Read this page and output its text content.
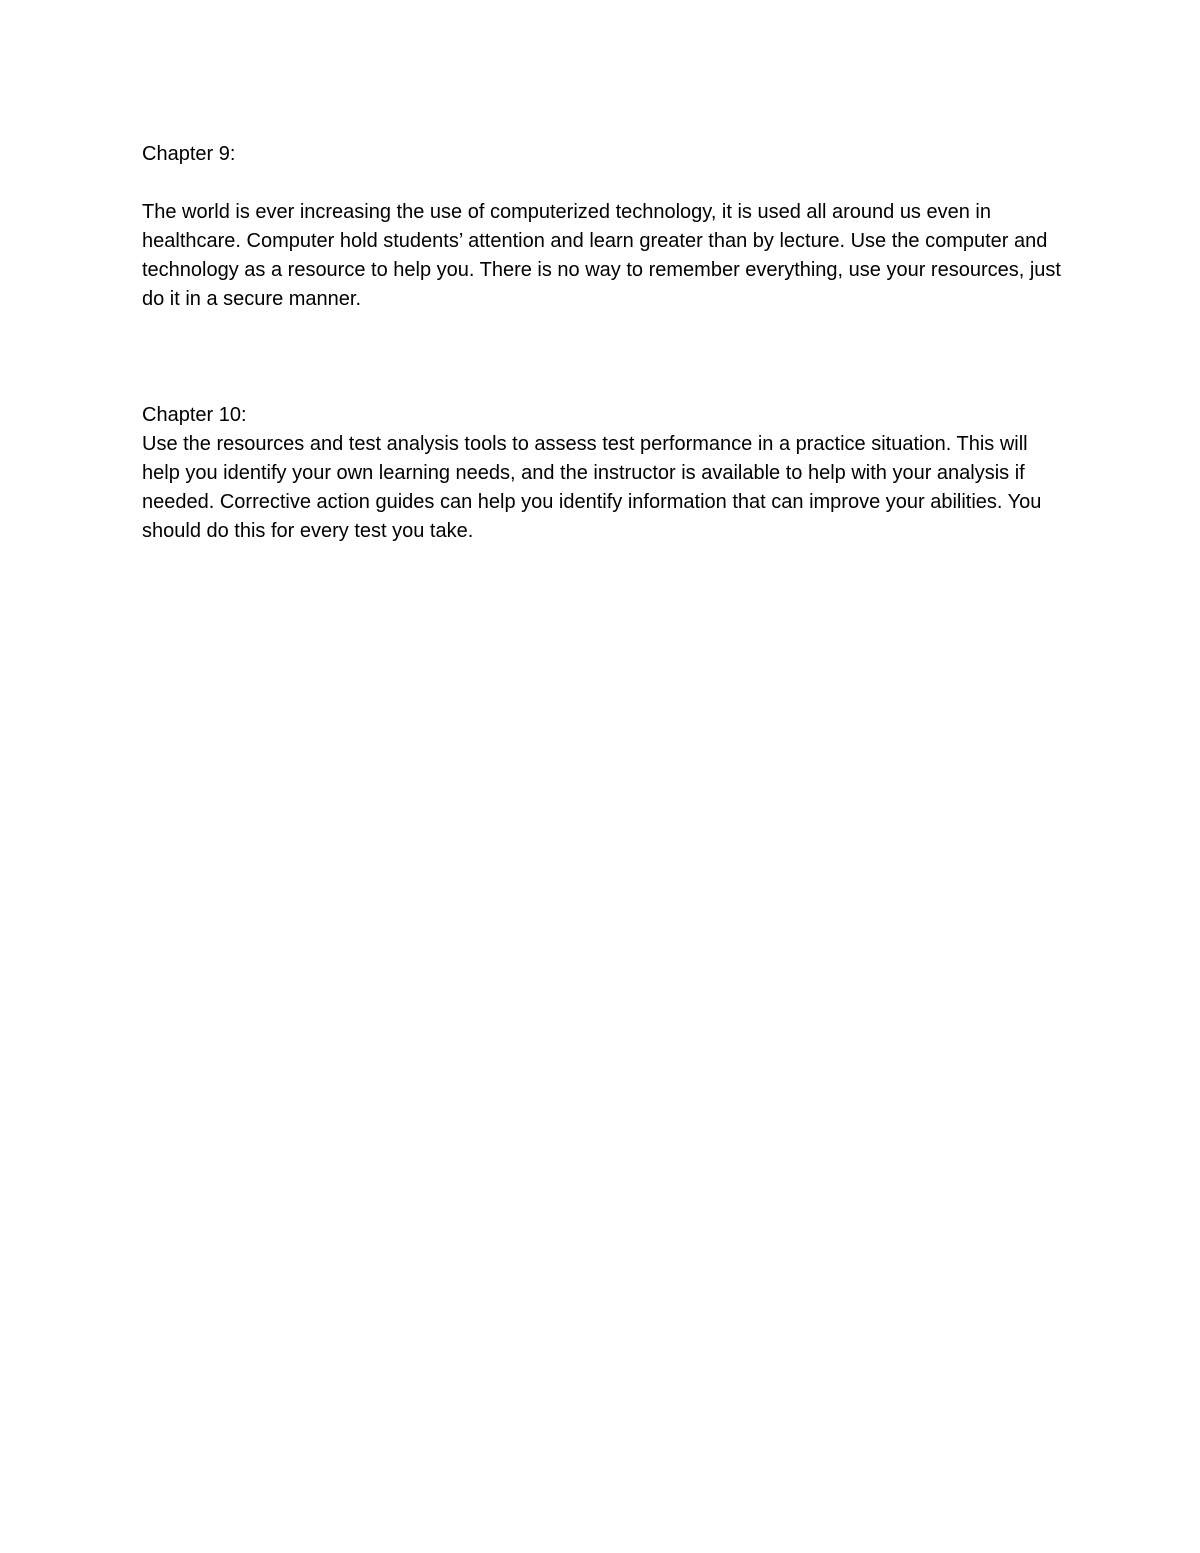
Chapter 9:

The world is ever increasing the use of computerized technology, it is used all around us even in healthcare. Computer hold students’ attention and learn greater than by lecture. Use the computer and technology as a resource to help you. There is no way to remember everything, use your resources, just do it in a secure manner.

Chapter 10:

Use the resources and test analysis tools to assess test performance in a practice situation. This will help you identify your own learning needs, and the instructor is available to help with your analysis if needed. Corrective action guides can help you identify information that can improve your abilities. You should do this for every test you take.
